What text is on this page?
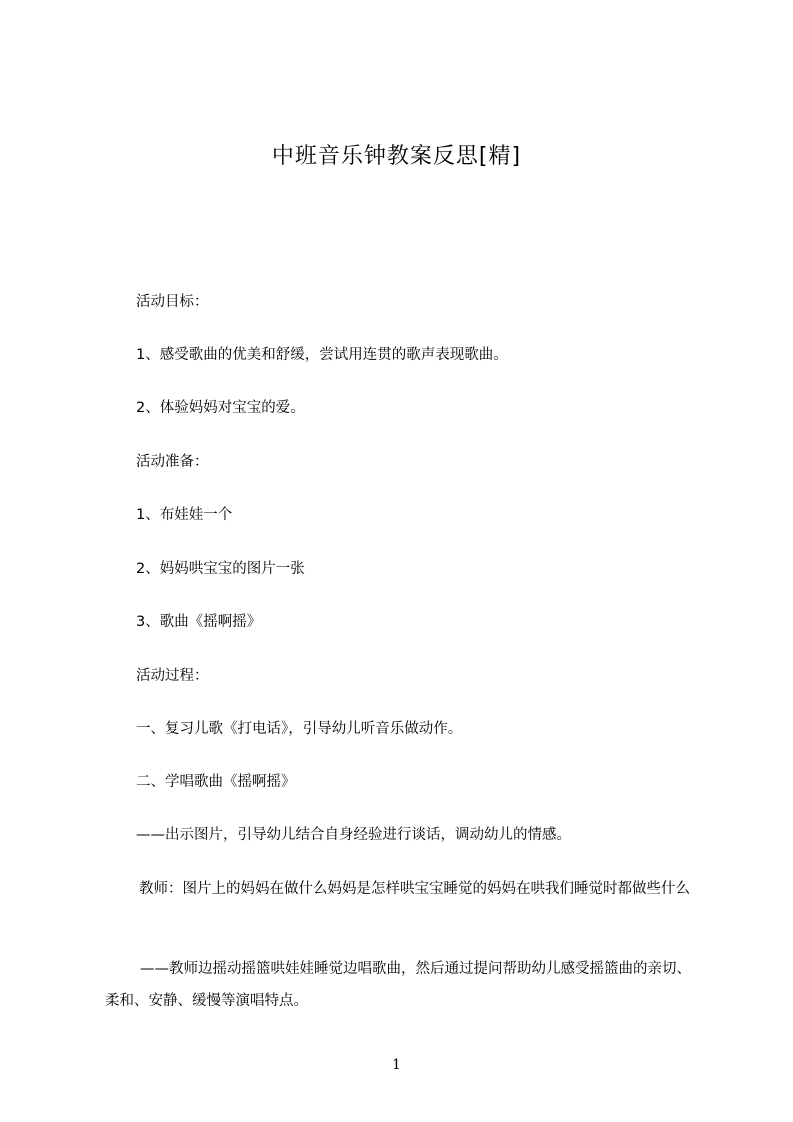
中班音乐钟教案反思[精]

活动目标：

1、感受歌曲的优美和舒缓，尝试用连贯的歌声表现歌曲。

2、体验妈妈对宝宝的爱。

活动准备：

1、布娃娃一个

2、妈妈哄宝宝的图片一张

3、歌曲《摇啊摇》

活动过程：

一、复习儿歌《打电话》，引导幼儿听音乐做动作。

二、学唱歌曲《摇啊摇》

——出示图片，引导幼儿结合自身经验进行谈话，调动幼儿的情感。

教师：图片上的妈妈在做什么妈妈是怎样哄宝宝睡觉的妈妈在哄我们睡觉时都做些什么

——教师边摇动摇篮哄娃娃睡觉边唱歌曲，然后通过提问帮助幼儿感受摇篮曲的亲切、柔和、安静、缓慢等演唱特点。

1
